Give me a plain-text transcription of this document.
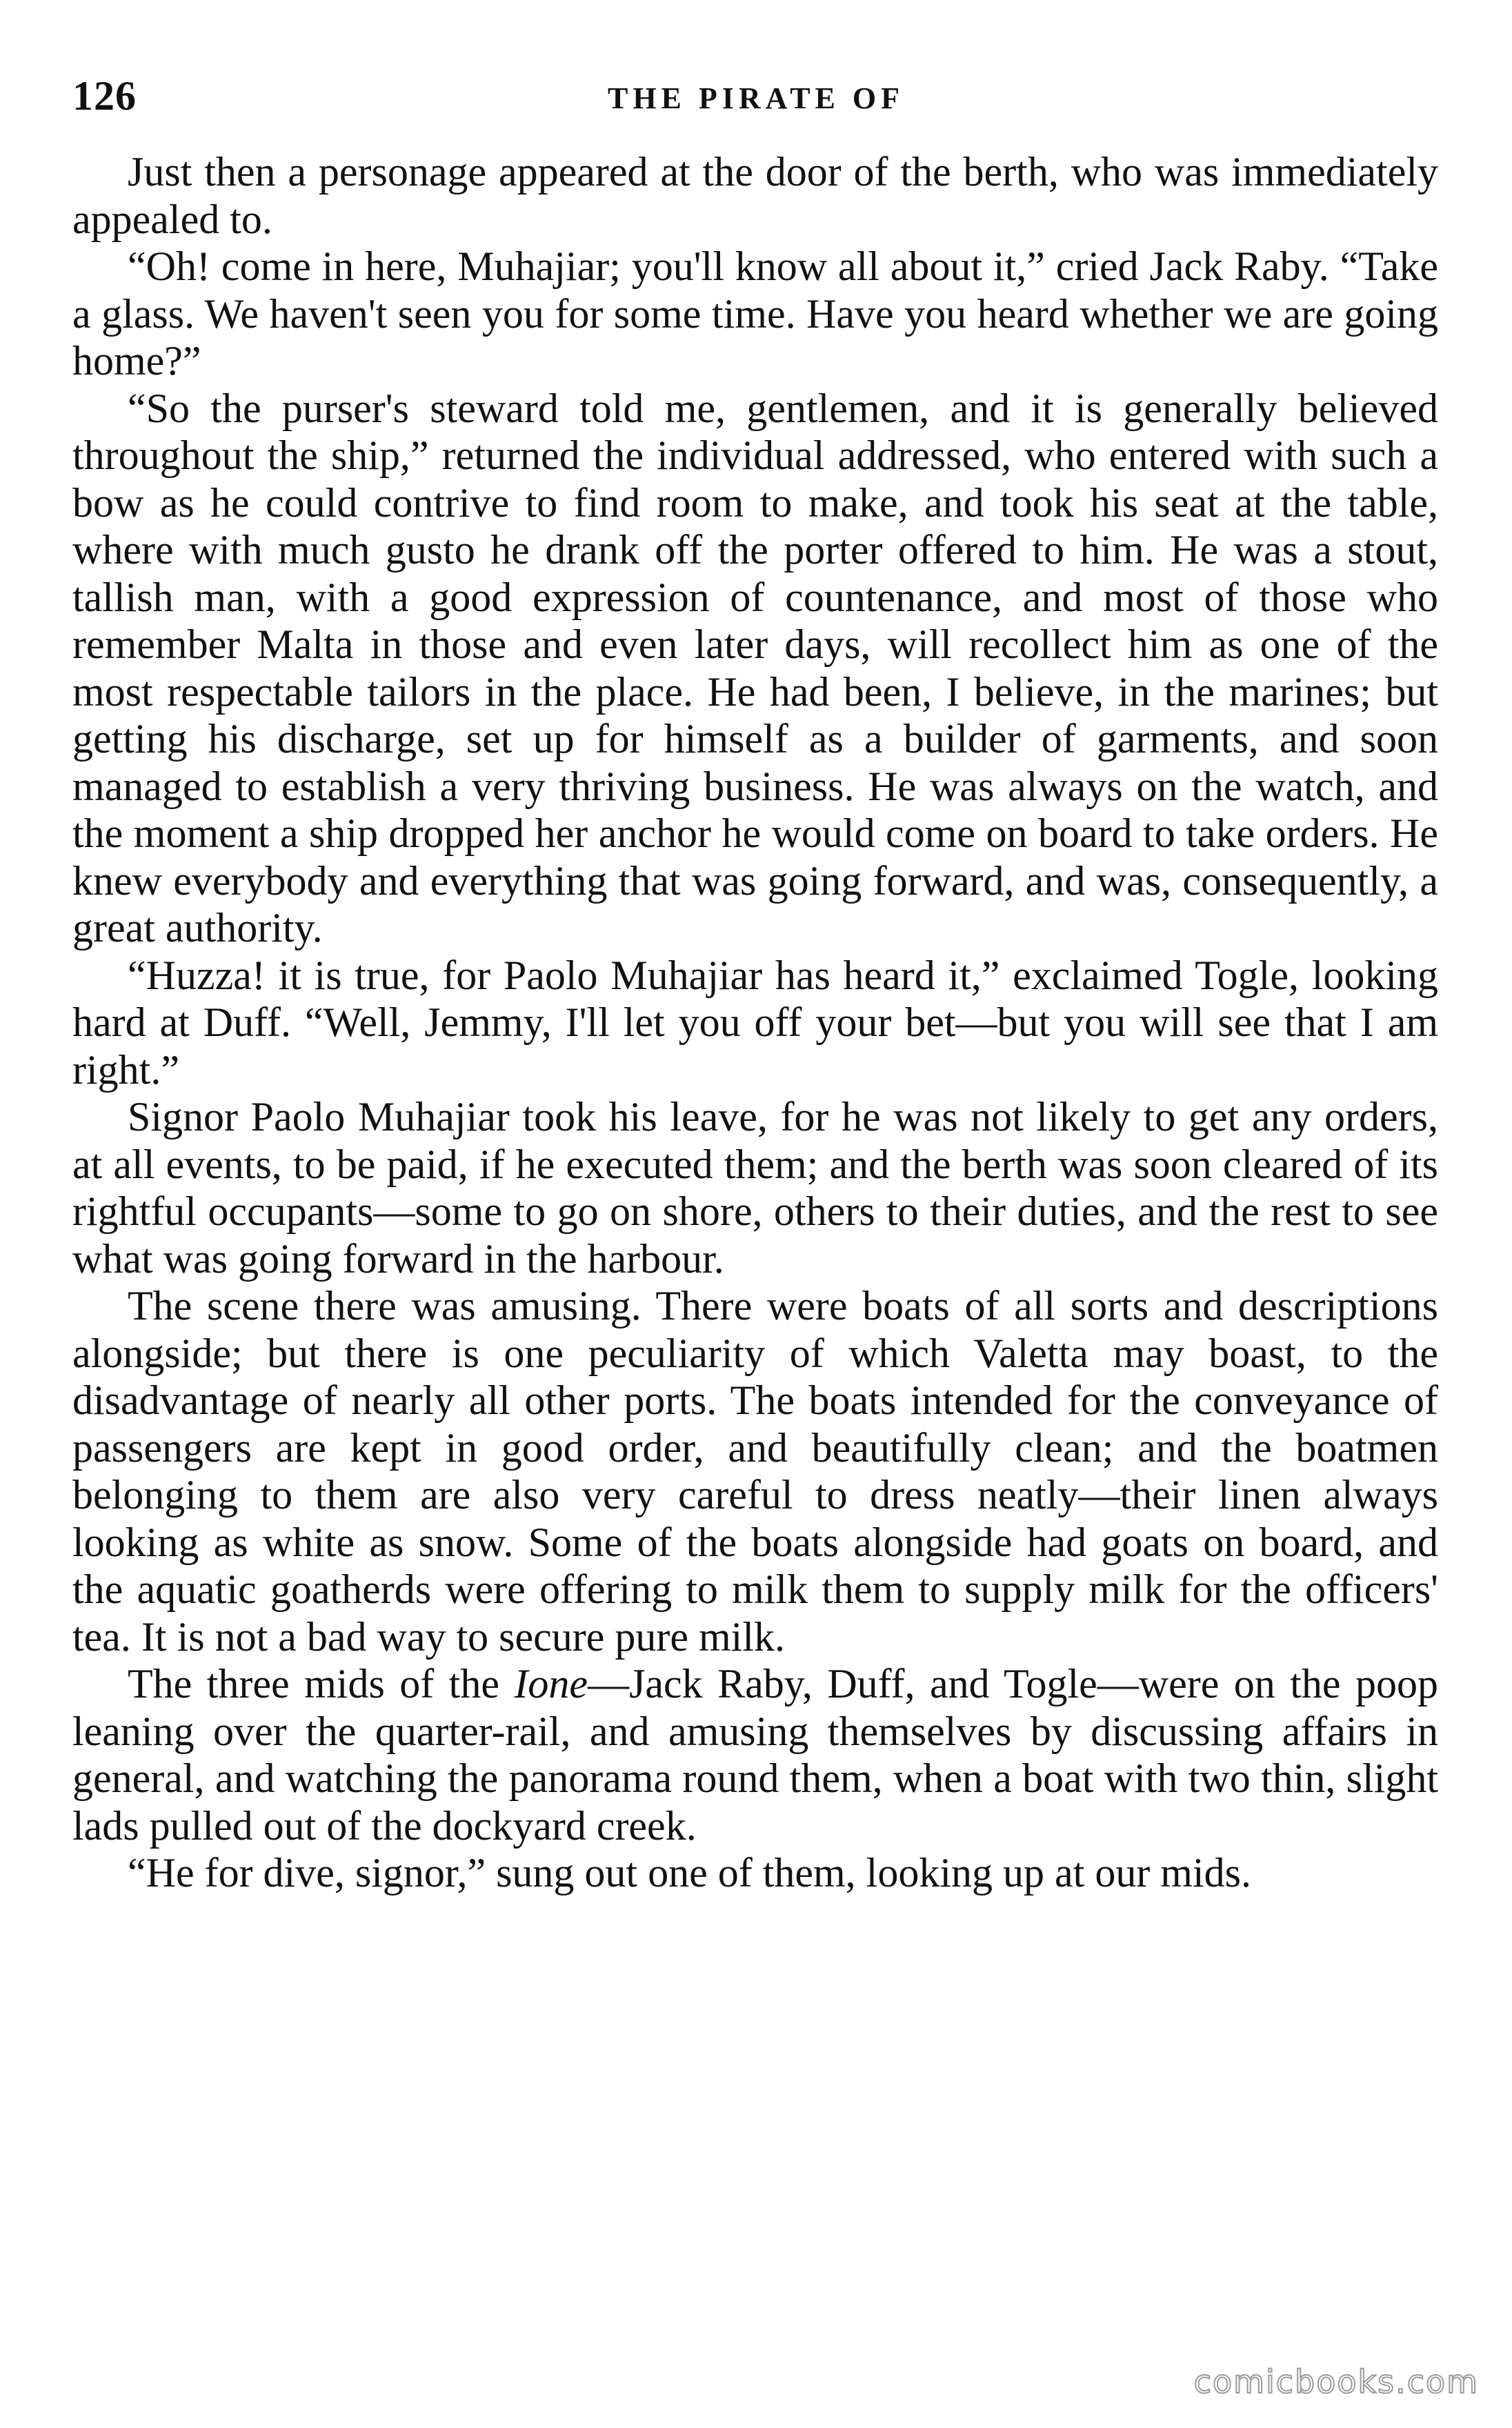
126	THE PIRATE OF

Just then a personage appeared at the door of the berth, who was immediately appealed to.

“Oh! come in here, Muhajiar; you'll know all about it,” cried Jack Raby. “Take a glass. We haven't seen you for some time. Have you heard whether we are going home?”

“So the purser's steward told me, gentlemen, and it is generally believed throughout the ship,” returned the individual addressed, who entered with such a bow as he could contrive to find room to make, and took his seat at the table, where with much gusto he drank off the porter offered to him. He was a stout, tallish man, with a good expression of countenance, and most of those who remember Malta in those and even later days, will recollect him as one of the most respectable tailors in the place. He had been, I believe, in the marines; but getting his discharge, set up for himself as a builder of garments, and soon managed to establish a very thriving business. He was always on the watch, and the moment a ship dropped her anchor he would come on board to take orders. He knew everybody and everything that was going forward, and was, consequently, a great authority.

“Huzza! it is true, for Paolo Muhajiar has heard it,” exclaimed Togle, looking hard at Duff. “Well, Jemmy, I'll let you off your bet—but you will see that I am right.”

Signor Paolo Muhajiar took his leave, for he was not likely to get any orders, at all events, to be paid, if he executed them; and the berth was soon cleared of its rightful occupants—some to go on shore, others to their duties, and the rest to see what was going forward in the harbour.

The scene there was amusing. There were boats of all sorts and descriptions alongside; but there is one peculiarity of which Valetta may boast, to the disadvantage of nearly all other ports. The boats intended for the conveyance of passengers are kept in good order, and beautifully clean; and the boatmen belonging to them are also very careful to dress neatly—their linen always looking as white as snow. Some of the boats alongside had goats on board, and the aquatic goatherds were offering to milk them to supply milk for the officers' tea. It is not a bad way to secure pure milk.

The three mids of the Ione—Jack Raby, Duff, and Togle—were on the poop leaning over the quarter-rail, and amusing themselves by discussing affairs in general, and watching the panorama round them, when a boat with two thin, slight lads pulled out of the dockyard creek.

“He for dive, signor,” sung out one of them, looking up at our mids.

comicbooks.com
